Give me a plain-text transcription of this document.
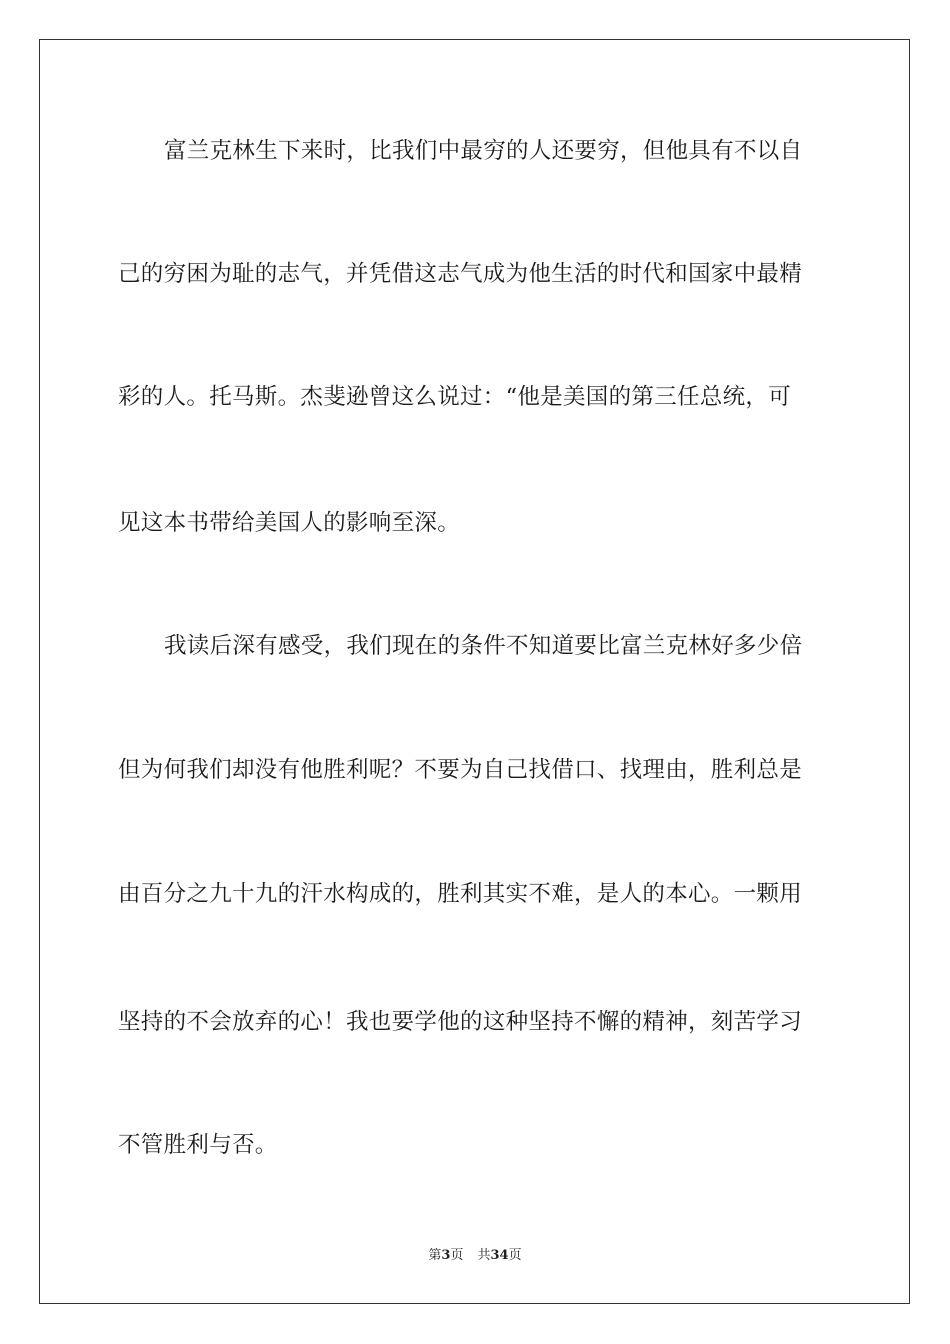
富兰克林生下来时，比我们中最穷的人还要穷，但他具有不以自
己的穷困为耻的志气，并凭借这志气成为他生活的时代和国家中最精
彩的人。托马斯。杰斐逊曾这么说过：“他是美国的第三任总统，可
见这本书带给美国人的影响至深。
我读后深有感受，我们现在的条件不知道要比富兰克林好多少倍
但为何我们却没有他胜利呢？不要为自己找借口、找理由，胜利总是
由百分之九十九的汗水构成的，胜利其实不难，是人的本心。一颗用
坚持的不会放弃的心！我也要学他的这种坚持不懈的精神，刻苦学习
不管胜利与否。
第3页 共34页
